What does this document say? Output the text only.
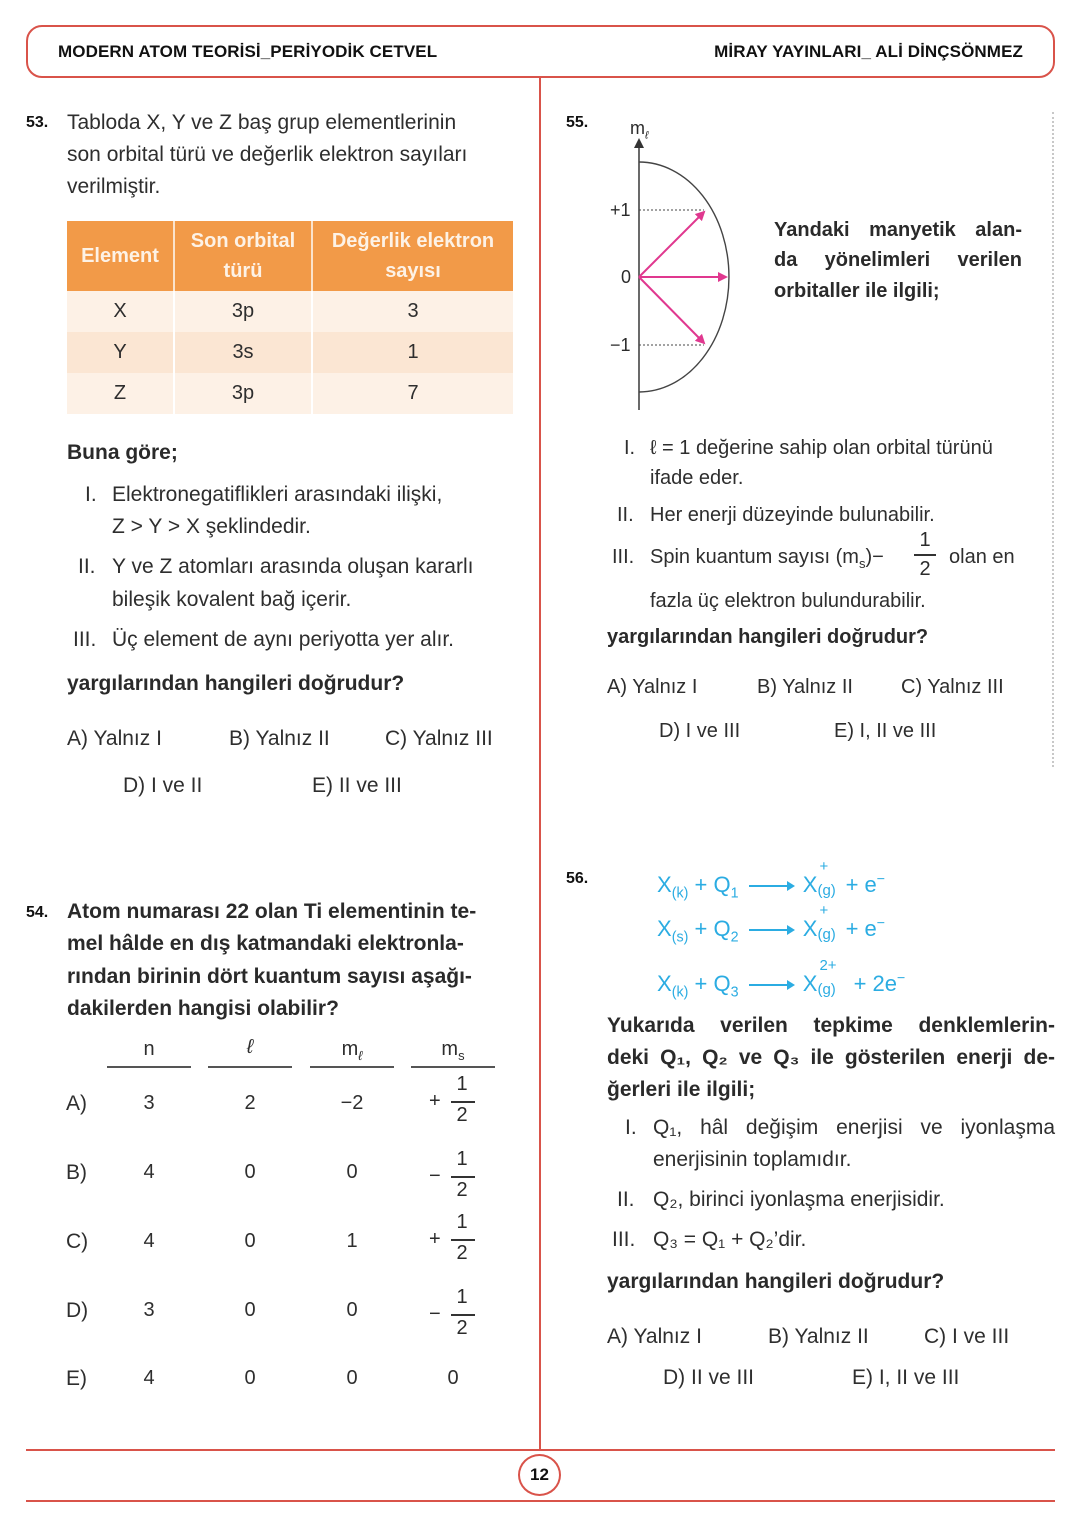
MODERN ATOM TEORİSİ_PERİYODİK CETVEL	MİRAY YAYINLARI_ ALİ DİNÇSÖNMEZ
53. Tabloda X, Y ve Z baş grup elementlerinin
son orbital türü ve değerlik elektron sayıları
verilmiştir.
Element	Son orbital türü	Değerlik elektron sayısı
X	3p	3
Y	3s	1
Z	3p	7
Buna göre;
I. Elektronegatiflikleri arasındaki ilişki,
Z > Y > X şeklindedir.
II. Y ve Z atomları arasında oluşan kararlı
bileşik kovalent bağ içerir.
III. Üç element de aynı periyotta yer alır.
yargılarından hangileri doğrudur?
A) Yalnız I	B) Yalnız II	C) Yalnız III
D) I ve II	E) II ve III
54. Atom numarası 22 olan Ti elementinin te-
mel hâlde en dış katmandaki elektronla-
rından birinin dört kuantum sayısı aşağı-
dakilerden hangisi olabilir?
n	ℓ	$m_\ell$	$m_s$
A)	3	2	−2	+
1
2
B)	4	0	0	−
1
2
C)	4	0	1	+
1
2
D)	3	0	0	−
1
2
E)	4	0	0	0
55. $m_\ell$
+1
0
−1
Yandaki manyetik alan-
da yönelimleri verilen
orbitaller ile ilgili;
I. ℓ = 1 değerine sahip olan orbital türünü
ifade eder.
II. Her enerji düzeyinde bulunabilir.
III. Spin kuantum sayısı $(m_s)-$
1
2
olan en
fazla üç elektron bulundurabilir.
yargılarından hangileri doğrudur?
A) Yalnız I	B) Yalnız II C) Yalnız III
D) I ve III	E) I, II ve III
56.	$X_{(k)} + Q_1 \to X$
+
(g) + e−
$X_{(s)} + Q_2 \to X$
+
(g) + e−
$X_{(k)} + Q_3 \to X$
2+
(g) + 2e−
Yukarıda verilen tepkime denklemlerin-
deki Q₁, Q₂ ve Q₃ ile gösterilen enerji de-
ğerleri ile ilgili;
I. Q₁, hâl değişim enerjisi ve iyonlaşma
enerjisinin toplamıdır.
II. Q₂, birinci iyonlaşma enerjisidir.
III. Q₃ = Q₁ + Q₂’dir.
yargılarından hangileri doğrudur?
A) Yalnız I	B) Yalnız II	C) I ve III
D) II ve III	E) I, II ve III
12
